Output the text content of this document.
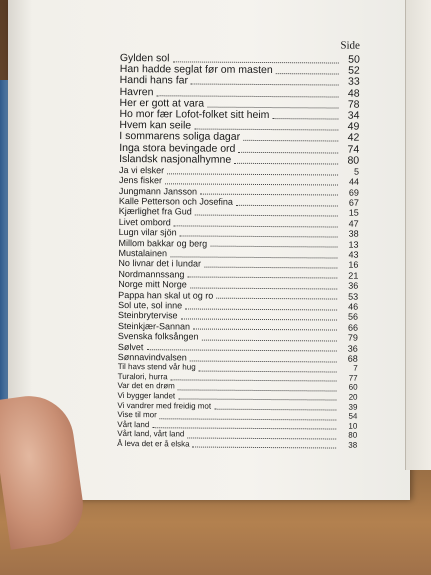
Side
Gylden sol	50
Han hadde seglat før om masten	52
Handi hans far	33
Havren	48
Her er gott at vara	78
Ho mor fær Lofot-folket sitt heim	34
Hvem kan seile	49
I sommarens soliga dagar	42
Inga stora bevingade ord	74
Islandsk nasjonalhymne	80
Ja vi elsker	5
Jens fisker	44
Jungmann Jansson	69
Kalle Petterson och Josefina	67
Kjærlighet fra Gud	15
Livet ombord	47
Lugn vilar sjön	38
Millom bakkar og berg	13
Mustalainen	43
No livnar det i lundar	16
Nordmannssang	21
Norge mitt Norge	36
Pappa han skal ut og ro	53
Sol ute, sol inne	46
Steinbrytervise	56
Steinkjær-Sannan	66
Svenska folksången	79
Sølvet	36
Sønnavindvalsen	68
Til havs stend vår hug	7
Turalori, hurra	77
Var det en drøm	60
Vi bygger landet	20
Vi vandrer med freidig mot	39
Vise til mor	54
Vårt land	10
Vårt land, vårt land	80
Å leva det er å elska	38
